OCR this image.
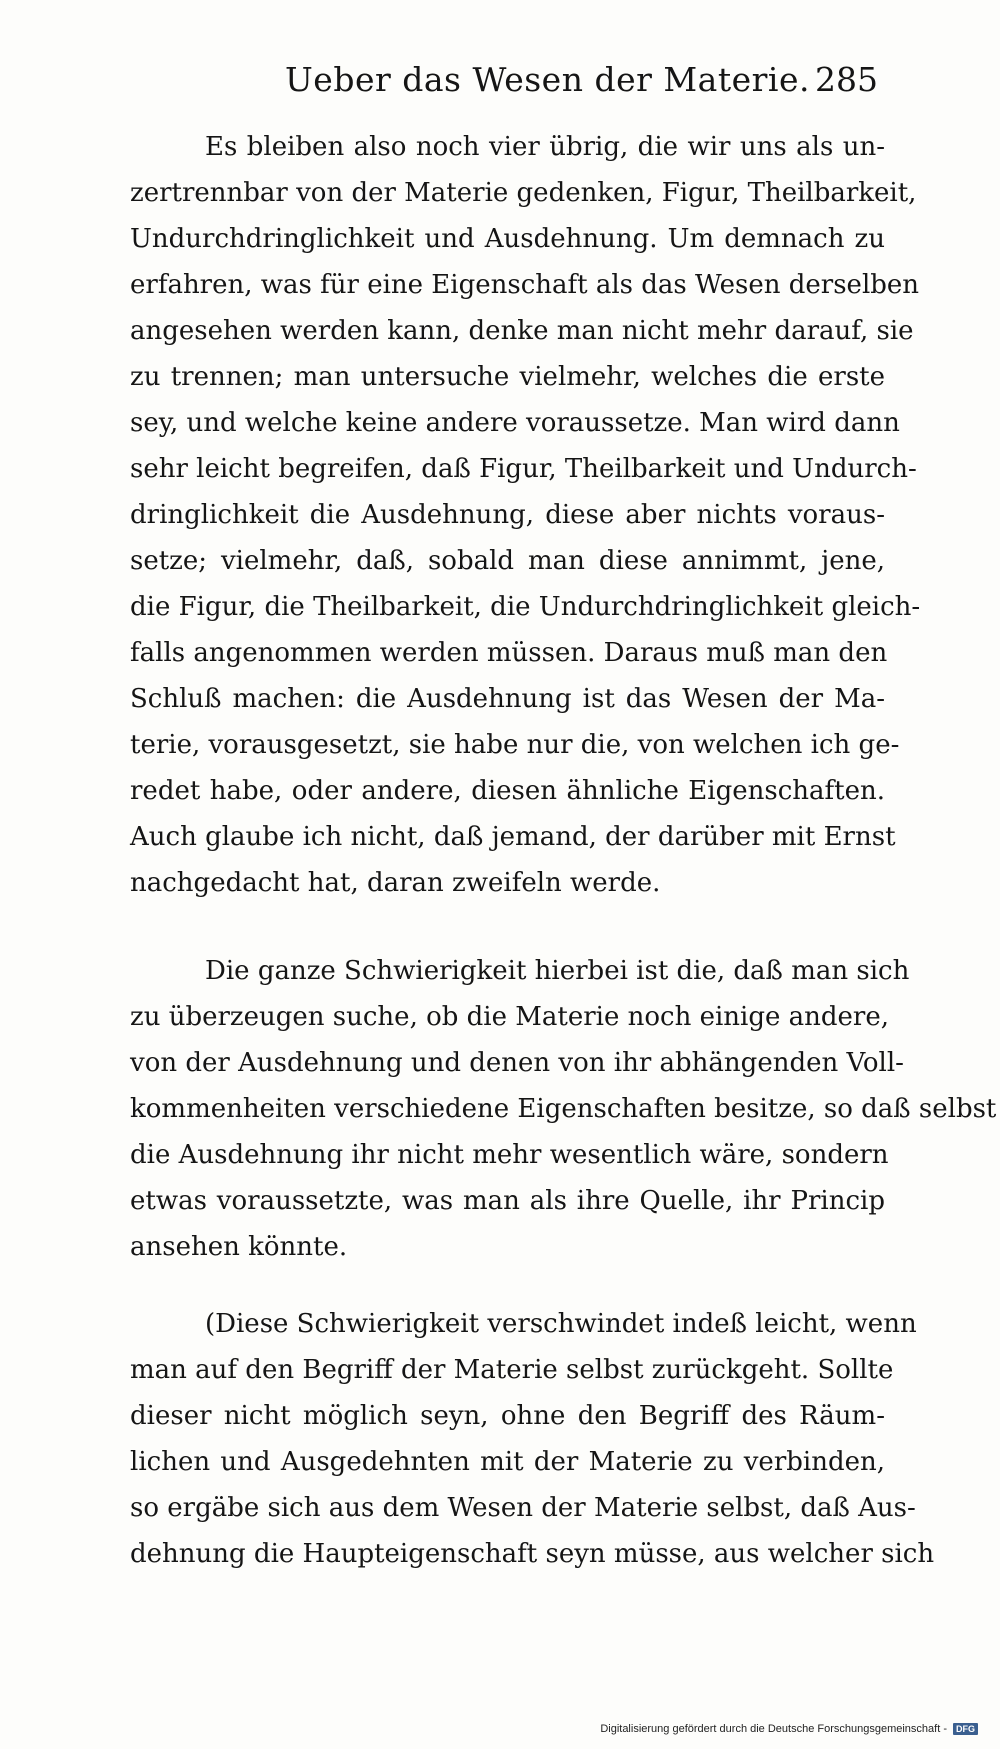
Ueber das Wesen der Materie. 285
Es bleiben also noch vier übrig, die wir uns als un-
zertrennbar von der Materie gedenken, Figur, Theilbarkeit,
Undurchdringlichkeit und Ausdehnung. Um demnach zu
erfahren, was für eine Eigenschaft als das Wesen derselben
angesehen werden kann, denke man nicht mehr darauf, sie
zu trennen; man untersuche vielmehr, welches die erste
sey, und welche keine andere voraussetze. Man wird dann
sehr leicht begreifen, daß Figur, Theilbarkeit und Undurch-
dringlichkeit die Ausdehnung, diese aber nichts voraus-
setze; vielmehr, daß, sobald man diese annimmt, jene,
die Figur, die Theilbarkeit, die Undurchdringlichkeit gleich-
falls angenommen werden müssen. Daraus muß man den
Schluß machen: die Ausdehnung ist das Wesen der Ma-
terie, vorausgesetzt, sie habe nur die, von welchen ich ge-
redet habe, oder andere, diesen ähnliche Eigenschaften.
Auch glaube ich nicht, daß jemand, der darüber mit Ernst
nachgedacht hat, daran zweifeln werde.
Die ganze Schwierigkeit hierbei ist die, daß man sich
zu überzeugen suche, ob die Materie noch einige andere,
von der Ausdehnung und denen von ihr abhängenden Voll-
kommenheiten verschiedene Eigenschaften besitze, so daß selbst
die Ausdehnung ihr nicht mehr wesentlich wäre, sondern
etwas voraussetzte, was man als ihre Quelle, ihr Princip
ansehen könnte.
(Diese Schwierigkeit verschwindet indeß leicht, wenn
man auf den Begriff der Materie selbst zurückgeht. Sollte
dieser nicht möglich seyn, ohne den Begriff des Räum-
lichen und Ausgedehnten mit der Materie zu verbinden,
so ergäbe sich aus dem Wesen der Materie selbst, daß Aus-
dehnung die Haupteigenschaft seyn müsse, aus welcher sich
Digitalisierung gefördert durch die Deutsche Forschungsgemeinschaft -	DFG
